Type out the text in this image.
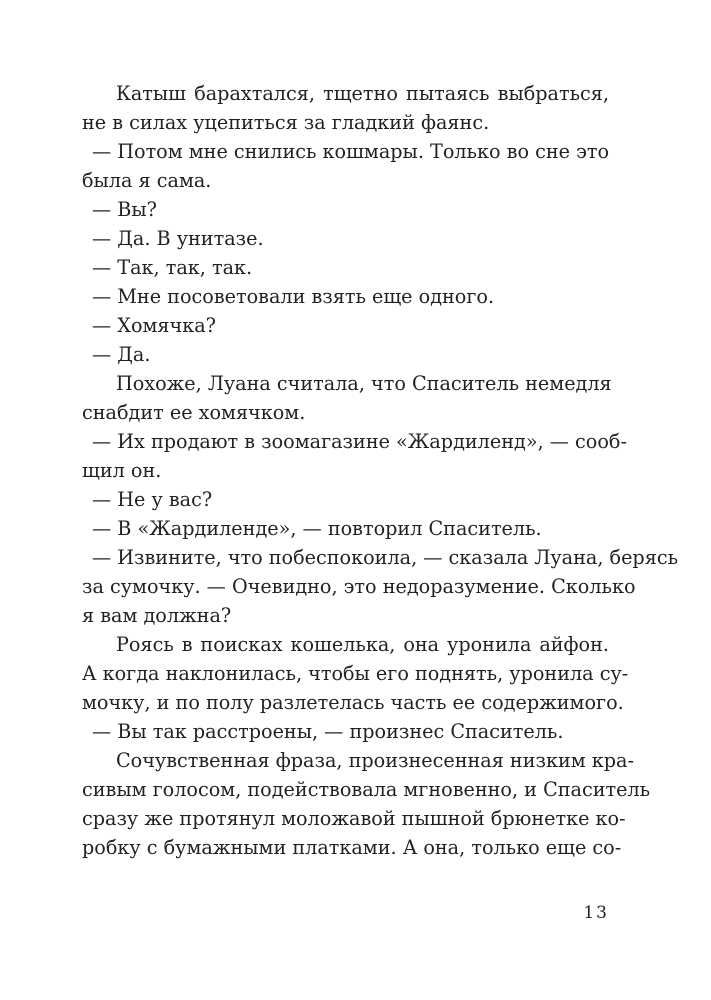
Катыш барахтался, тщетно пытаясь выбраться,
не в силах уцепиться за гладкий фаянс.
— Потом мне снились кошмары. Только во сне это
была я сама.
— Вы?
— Да. В унитазе.
— Так, так, так.
— Мне посоветовали взять еще одного.
— Хомячка?
— Да.
Похоже, Луана считала, что Спаситель немедля
снабдит ее хомячком.
— Их продают в зоомагазине «Жардиленд», — сооб-
щил он.
— Не у вас?
— В «Жардиленде», — повторил Спаситель.
— Извините, что побеспокоила, — сказала Луана, берясь
за сумочку. — Очевидно, это недоразумение. Сколько
я вам должна?
Роясь в поисках кошелька, она уронила айфон.
А когда наклонилась, чтобы его поднять, уронила су-
мочку, и по полу разлетелась часть ее содержимого.
— Вы так расстроены, — произнес Спаситель.
Сочувственная фраза, произнесенная низким кра-
сивым голосом, подействовала мгновенно, и Спаситель
сразу же протянул моложавой пышной брюнетке ко-
робку с бумажными платками. А она, только еще со-
13
